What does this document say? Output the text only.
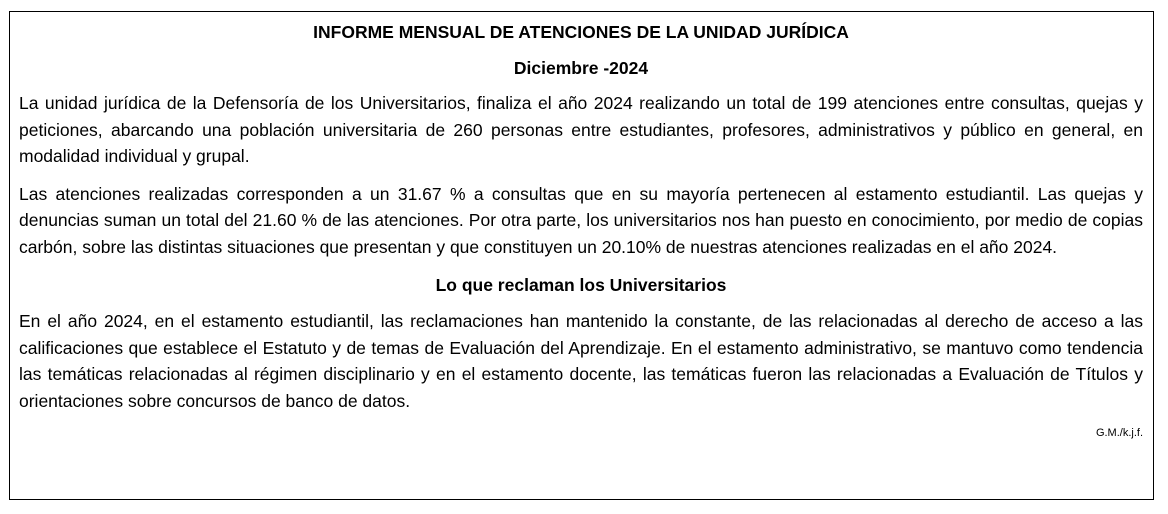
INFORME MENSUAL DE ATENCIONES DE LA UNIDAD JURÍDICA

Diciembre -2024

La unidad jurídica de la Defensoría de los Universitarios, finaliza el año 2024 realizando un total de 199 atenciones entre consultas, quejas y peticiones, abarcando una población universitaria de 260 personas entre estudiantes, profesores, administrativos y público en general, en modalidad individual y grupal.

Las atenciones realizadas corresponden a un 31.67 % a consultas que en su mayoría pertenecen al estamento estudiantil. Las quejas y denuncias suman un total del 21.60 % de las atenciones. Por otra parte, los universitarios nos han puesto en conocimiento, por medio de copias carbón, sobre las distintas situaciones que presentan y que constituyen un 20.10% de nuestras atenciones realizadas en el año 2024.

Lo que reclaman los Universitarios

En el año 2024, en el estamento estudiantil, las reclamaciones han mantenido la constante, de las relacionadas al derecho de acceso a las calificaciones que establece el Estatuto y de temas de Evaluación del Aprendizaje. En el estamento administrativo, se mantuvo como tendencia las temáticas relacionadas al régimen disciplinario y en el estamento docente, las temáticas fueron las relacionadas a Evaluación de Títulos y orientaciones sobre concursos de banco de datos.

G.M./k.j.f.
